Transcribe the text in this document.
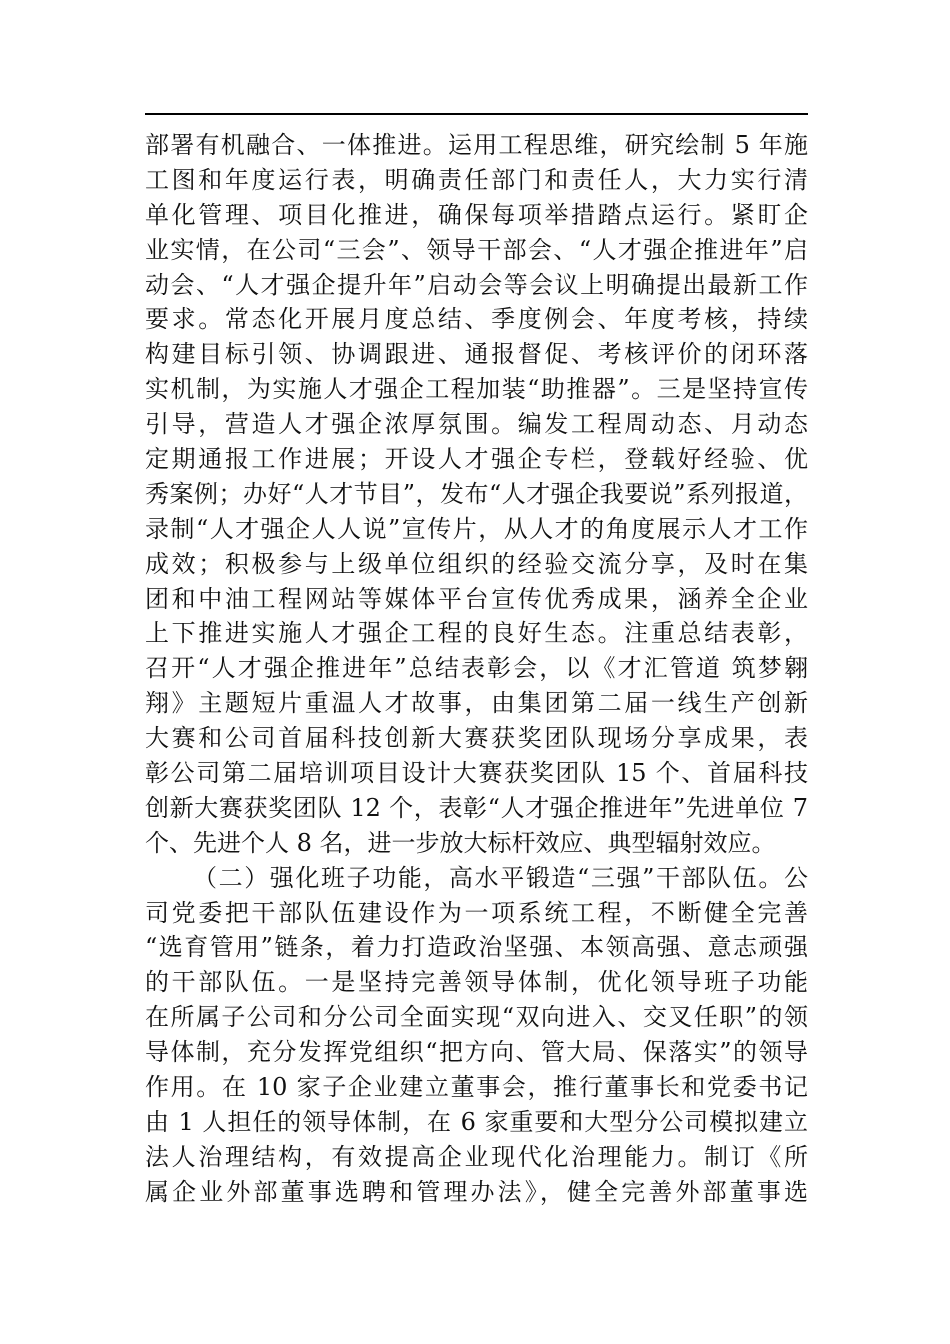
部署有机融合、一体推进。运用工程思维，研究绘制 5 年施
工图和年度运行表，明确责任部门和责任人，大力实行清
单化管理、项目化推进，确保每项举措踏点运行。紧盯企
业实情，在公司“三会”、领导干部会、“人才强企推进年”启
动会、“人才强企提升年”启动会等会议上明确提出最新工作
要求。常态化开展月度总结、季度例会、年度考核，持续
构建目标引领、协调跟进、通报督促、考核评价的闭环落
实机制，为实施人才强企工程加装“助推器”。三是坚持宣传
引导，营造人才强企浓厚氛围。编发工程周动态、月动态
定期通报工作进展；开设人才强企专栏，登载好经验、优
秀案例；办好“人才节目”，发布“人才强企我要说”系列报道，
录制“人才强企人人说”宣传片，从人才的角度展示人才工作
成效；积极参与上级单位组织的经验交流分享，及时在集
团和中油工程网站等媒体平台宣传优秀成果，涵养全企业
上下推进实施人才强企工程的良好生态。注重总结表彰，
召开“人才强企推进年”总结表彰会，以《才汇管道 筑梦翱
翔》主题短片重温人才故事，由集团第二届一线生产创新
大赛和公司首届科技创新大赛获奖团队现场分享成果，表
彰公司第二届培训项目设计大赛获奖团队 15 个、首届科技
创新大赛获奖团队 12 个，表彰“人才强企推进年”先进单位 7
个、先进个人 8 名，进一步放大标杆效应、典型辐射效应。
（二）强化班子功能，高水平锻造“三强”干部队伍。公
司党委把干部队伍建设作为一项系统工程，不断健全完善
“选育管用”链条，着力打造政治坚强、本领高强、意志顽强
的干部队伍。一是坚持完善领导体制，优化领导班子功能
在所属子公司和分公司全面实现“双向进入、交叉任职”的领
导体制，充分发挥党组织“把方向、管大局、保落实”的领导
作用。在 10 家子企业建立董事会，推行董事长和党委书记
由 1 人担任的领导体制，在 6 家重要和大型分公司模拟建立
法人治理结构，有效提高企业现代化治理能力。制订《所
属企业外部董事选聘和管理办法》，健全完善外部董事选
